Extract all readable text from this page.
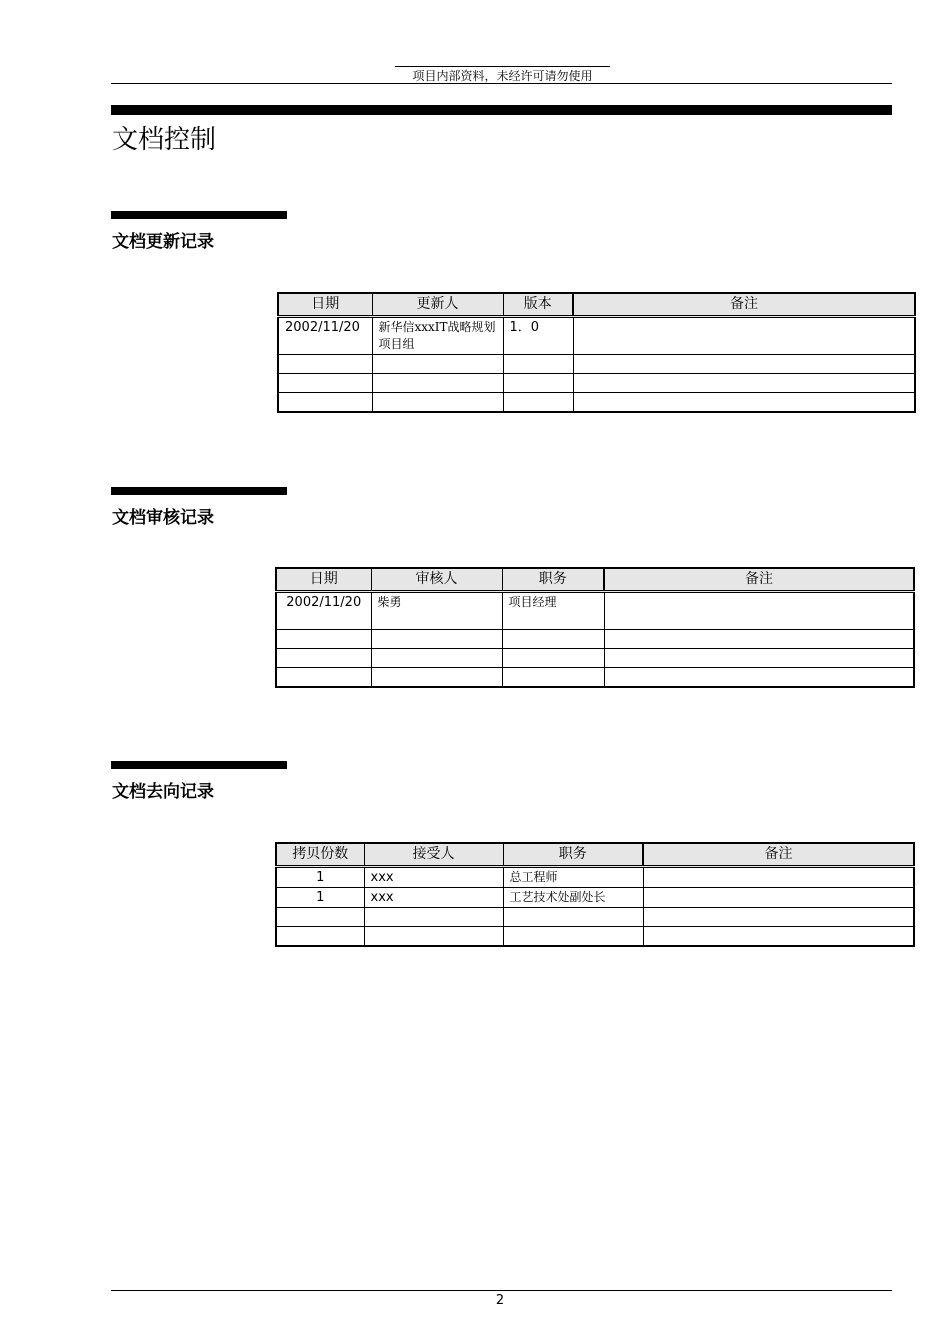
项目内部资料，未经许可请勿使用
文档控制
文档更新记录
日期	更新人	版本	备注
2002/11/20	新华信xxxIT战略规划项目组	1．0	

文档审核记录
日期	审核人	职务	备注
2002/11/20	柴勇	项目经理	

文档去向记录
拷贝份数	接受人	职务	备注
1	xxx	总工程师	
1	xxx	工艺技术处副处长	

2
